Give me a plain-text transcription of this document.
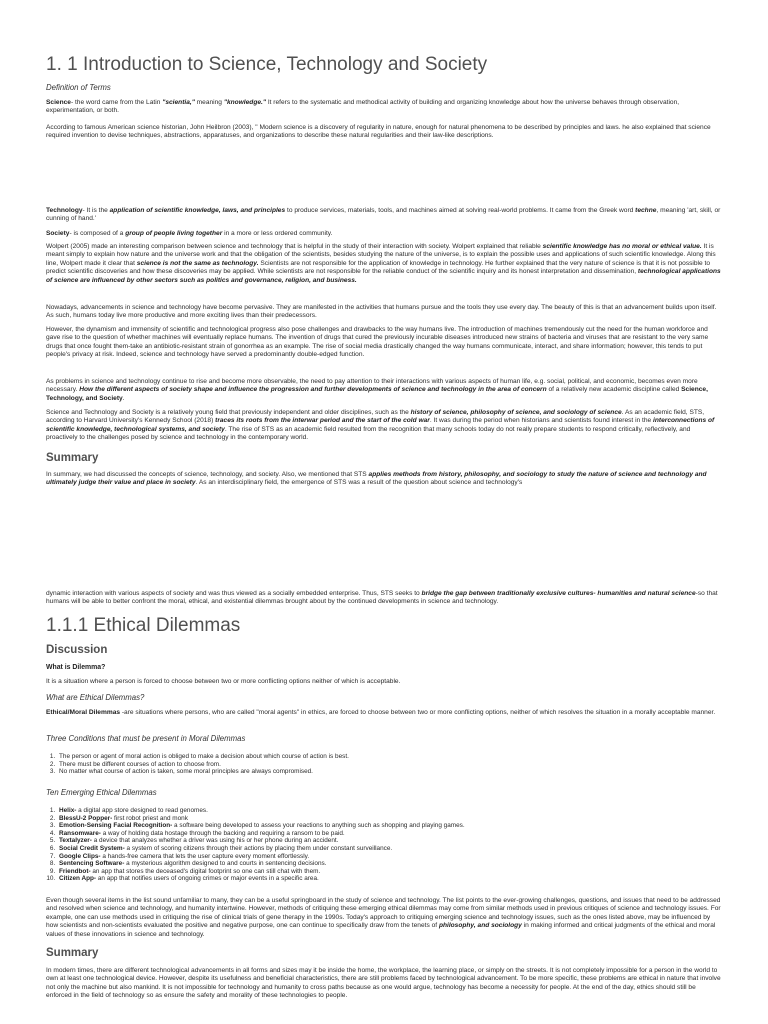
1. 1 Introduction to Science, Technology and Society
Definition of Terms

Science- the word came from the Latin "scientia," meaning "knowledge." It refers to the systematic and methodical activity of building and organizing knowledge about how the universe behaves through observation, experimentation, or both.

According to famous American science historian, John Heilbron (2003), " Modern science is a discovery of regularity in nature, enough for natural phenomena to be described by principles and laws. he also explained that science required invention to devise techniques, abstractions, apparatuses, and organizations to describe these natural regularities and their law-like descriptions.

Technology- It is the application of scientific knowledge, laws, and principles to produce services, materials, tools, and machines aimed at solving real-world problems. It came from the Greek word techne, meaning 'art, skill, or cunning of hand.'

Society- is composed of a group of people living together in a more or less ordered community.

Wolpert (2005) made an interesting comparison between science and technology that is helpful in the study of their interaction with society. Wolpert explained that reliable scientific knowledge has no moral or ethical value. It is meant simply to explain how nature and the universe work and that the obligation of the scientists, besides studying the nature of the universe, is to explain the possible uses and applications of such scientific knowledge. Along this line, Wolpert made it clear that science is not the same as technology. Scientists are not responsible for the application of knowledge in technology. He further explained that the very nature of science is that it is not possible to predict scientific discoveries and how these discoveries may be applied. While scientists are not responsible for the reliable conduct of the scientific inquiry and its honest interpretation and dissemination, technological applications of science are influenced by other sectors such as politics and governance, religion, and business.

Nowadays, advancements in science and technology have become pervasive. They are manifested in the activities that humans pursue and the tools they use every day. The beauty of this is that an advancement builds upon itself. As such, humans today live more productive and more exciting lives than their predecessors.

However, the dynamism and immensity of scientific and technological progress also pose challenges and drawbacks to the way humans live. The introduction of machines tremendously cut the need for the human workforce and gave rise to the question of whether machines will eventually replace humans. The invention of drugs that cured the previously incurable diseases introduced new strains of bacteria and viruses that are resistant to the very same drugs that once fought them-take an antibiotic-resistant strain of gonorrhea as an example. The rise of social media drastically changed the way humans communicate, interact, and share information; however, this tends to put people's privacy at risk. Indeed, science and technology have served a predominantly double-edged function.

As problems in science and technology continue to rise and become more observable, the need to pay attention to their interactions with various aspects of human life, e.g. social, political, and economic, becomes even more necessary. How the different aspects of society shape and influence the progression and further developments of science and technology in the area of concern of a relatively new academic discipline called Science, Technology, and Society.

Science and Technology and Society is a relatively young field that previously independent and older disciplines, such as the history of science, philosophy of science, and sociology of science. As an academic field, STS, according to Harvard University's Kennedy School (2018) traces its roots from the interwar period and the start of the cold war. It was during the period when historians and scientists found interest in the interconnections of scientific knowledge, technological systems, and society. The rise of STS as an academic field resulted from the recognition that many schools today do not really prepare students to respond critically, reflectively, and proactively to the challenges posed by science and technology in the contemporary world.

Summary

In summary, we had discussed the concepts of science, technology, and society. Also, we mentioned that STS applies methods from history, philosophy, and sociology to study the nature of science and technology and ultimately judge their value and place in society. As an interdisciplinary field, the emergence of STS was a result of the question about science and technology's

dynamic interaction with various aspects of society and was thus viewed as a socially embedded enterprise. Thus, STS seeks to bridge the gap between traditionally exclusive cultures- humanities and natural science-so that humans will be able to better confront the moral, ethical, and existential dilemmas brought about by the continued developments in science and technology.

1.1.1 Ethical Dilemmas
Discussion
What is Dilemma?

It is a situation where a person is forced to choose between two or more conflicting options neither of which is acceptable.

What are Ethical Dilemmas?

Ethical/Moral Dilemmas -are situations where persons, who are called "moral agents" in ethics, are forced to choose between two or more conflicting options, neither of which resolves the situation in a morally acceptable manner.

Three Conditions that must be present in Moral Dilemmas
1. The person or agent of moral action is obliged to make a decision about which course of action is best.
2. There must be different courses of action to choose from.
3. No matter what course of action is taken, some moral principles are always compromised.
Ten Emerging Ethical Dilemmas
1. Helix- a digital app store designed to read genomes.
2. BlessU-2 Popper- first robot priest and monk
3. Emotion-Sensing Facial Recognition- a software being developed to assess your reactions to anything such as shopping and playing games.
4. Ransomware- a way of holding data hostage through the backing and requiring a ransom to be paid.
5. Textalyzer- a device that analyzes whether a driver was using his or her phone during an accident.
6. Social Credit System- a system of scoring citizens through their actions by placing them under constant surveillance.
7. Google Clips- a hands-free camera that lets the user capture every moment effortlessly.
8. Sentencing Software- a mysterious algorithm designed to and courts in sentencing decisions.
9. Friendbot- an app that stores the deceased's digital footprint so one can still chat with them.
10. Citizen App- an app that notifies users of ongoing crimes or major events in a specific area.

Even though several items in the list sound unfamiliar to many, they can be a useful springboard in the study of science and technology. The list points to the ever-growing challenges, questions, and issues that need to be addressed and resolved when science and technology, and humanity intertwine. However, methods of critiquing these emerging ethical dilemmas may come from similar methods used in previous critiques of science and technology issues. For example, one can use methods used in critiquing the rise of clinical trials of gene therapy in the 1990s. Today's approach to critiquing emerging science and technology issues, such as the ones listed above, may be influenced by how scientists and non-scientists evaluated the positive and negative purpose, one can continue to specifically draw from the tenets of philosophy, and sociology in making informed and critical judgments of the ethical and moral values of these innovations in science and technology.

Summary

In modern times, there are different technological advancements in all forms and sizes may it be inside the home, the workplace, the learning place, or simply on the streets. It is not completely impossible for a person in the world to own at least one technological device. However, despite its usefulness and beneficial characteristics, there are still problems faced by technological advancement. To be more specific, these problems are ethical in nature that involve not only the machine but also mankind. It is not impossible for technology and humanity to cross paths because as one would argue, technology has become a necessity for people. At the end of the day, ethics should still be enforced in the field of technology so as ensure the safety and morality of these technologies to people.
